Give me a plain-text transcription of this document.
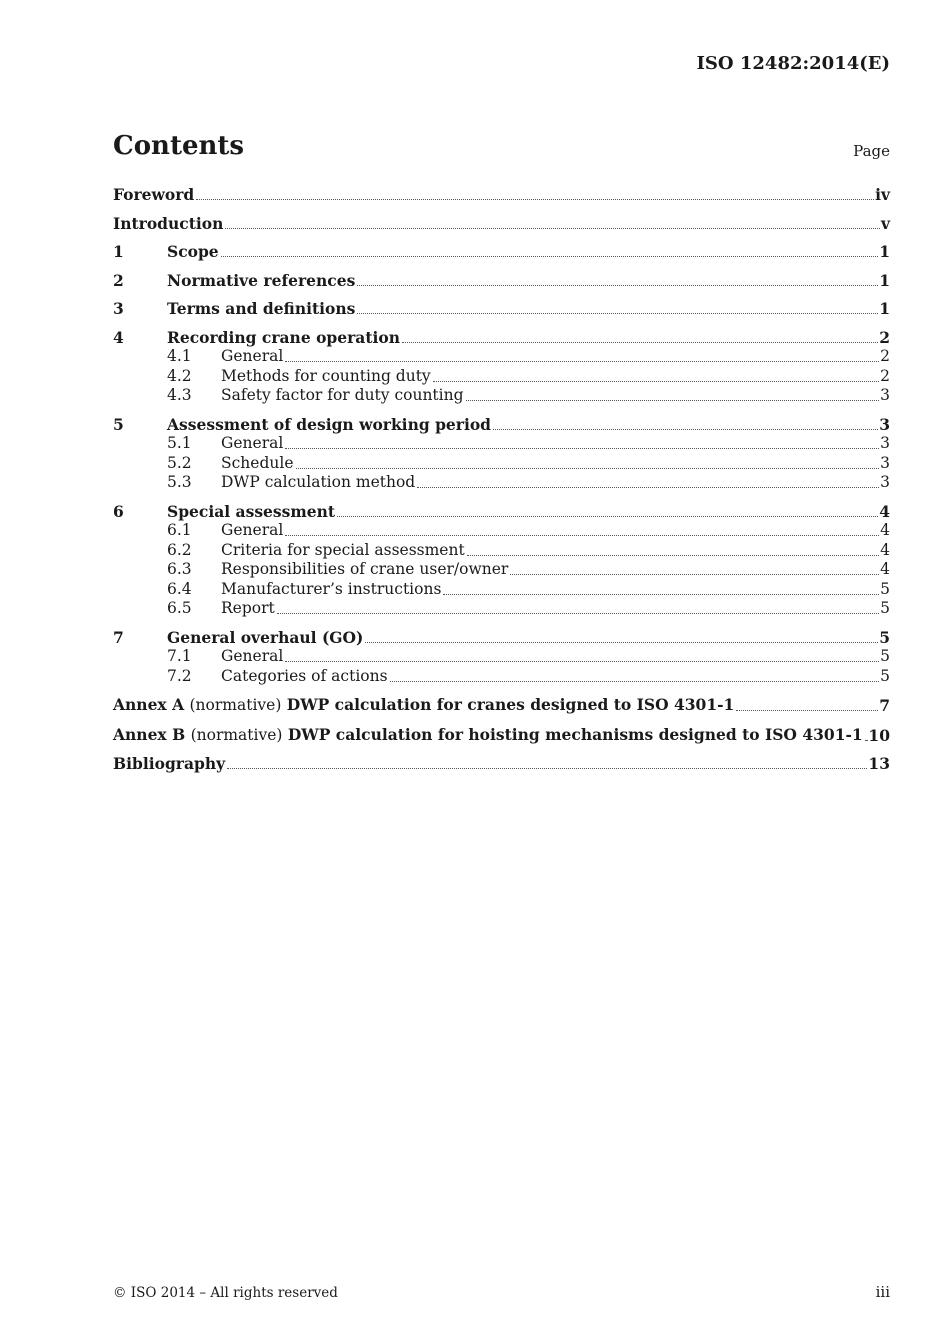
ISO 12482:2014(E)
Contents	Page
Foreword	iv
Introduction	v
1	Scope	1
2	Normative references	1
3	Terms and definitions	1
4	Recording crane operation	2
4.1	General	2
4.2	Methods for counting duty	2
4.3	Safety factor for duty counting	3
5	Assessment of design working period	3
5.1	General	3
5.2	Schedule	3
5.3	DWP calculation method	3
6	Special assessment	4
6.1	General	4
6.2	Criteria for special assessment	4
6.3	Responsibilities of crane user/owner	4
6.4	Manufacturer’s instructions	5
6.5	Report	5
7	General overhaul (GO)	5
7.1	General	5
7.2	Categories of actions	5
Annex A (normative) DWP calculation for cranes designed to ISO 4301-1	7
Annex B (normative) DWP calculation for hoisting mechanisms designed to ISO 4301-1 10
Bibliography	13
© ISO 2014 – All rights reserved	iii
